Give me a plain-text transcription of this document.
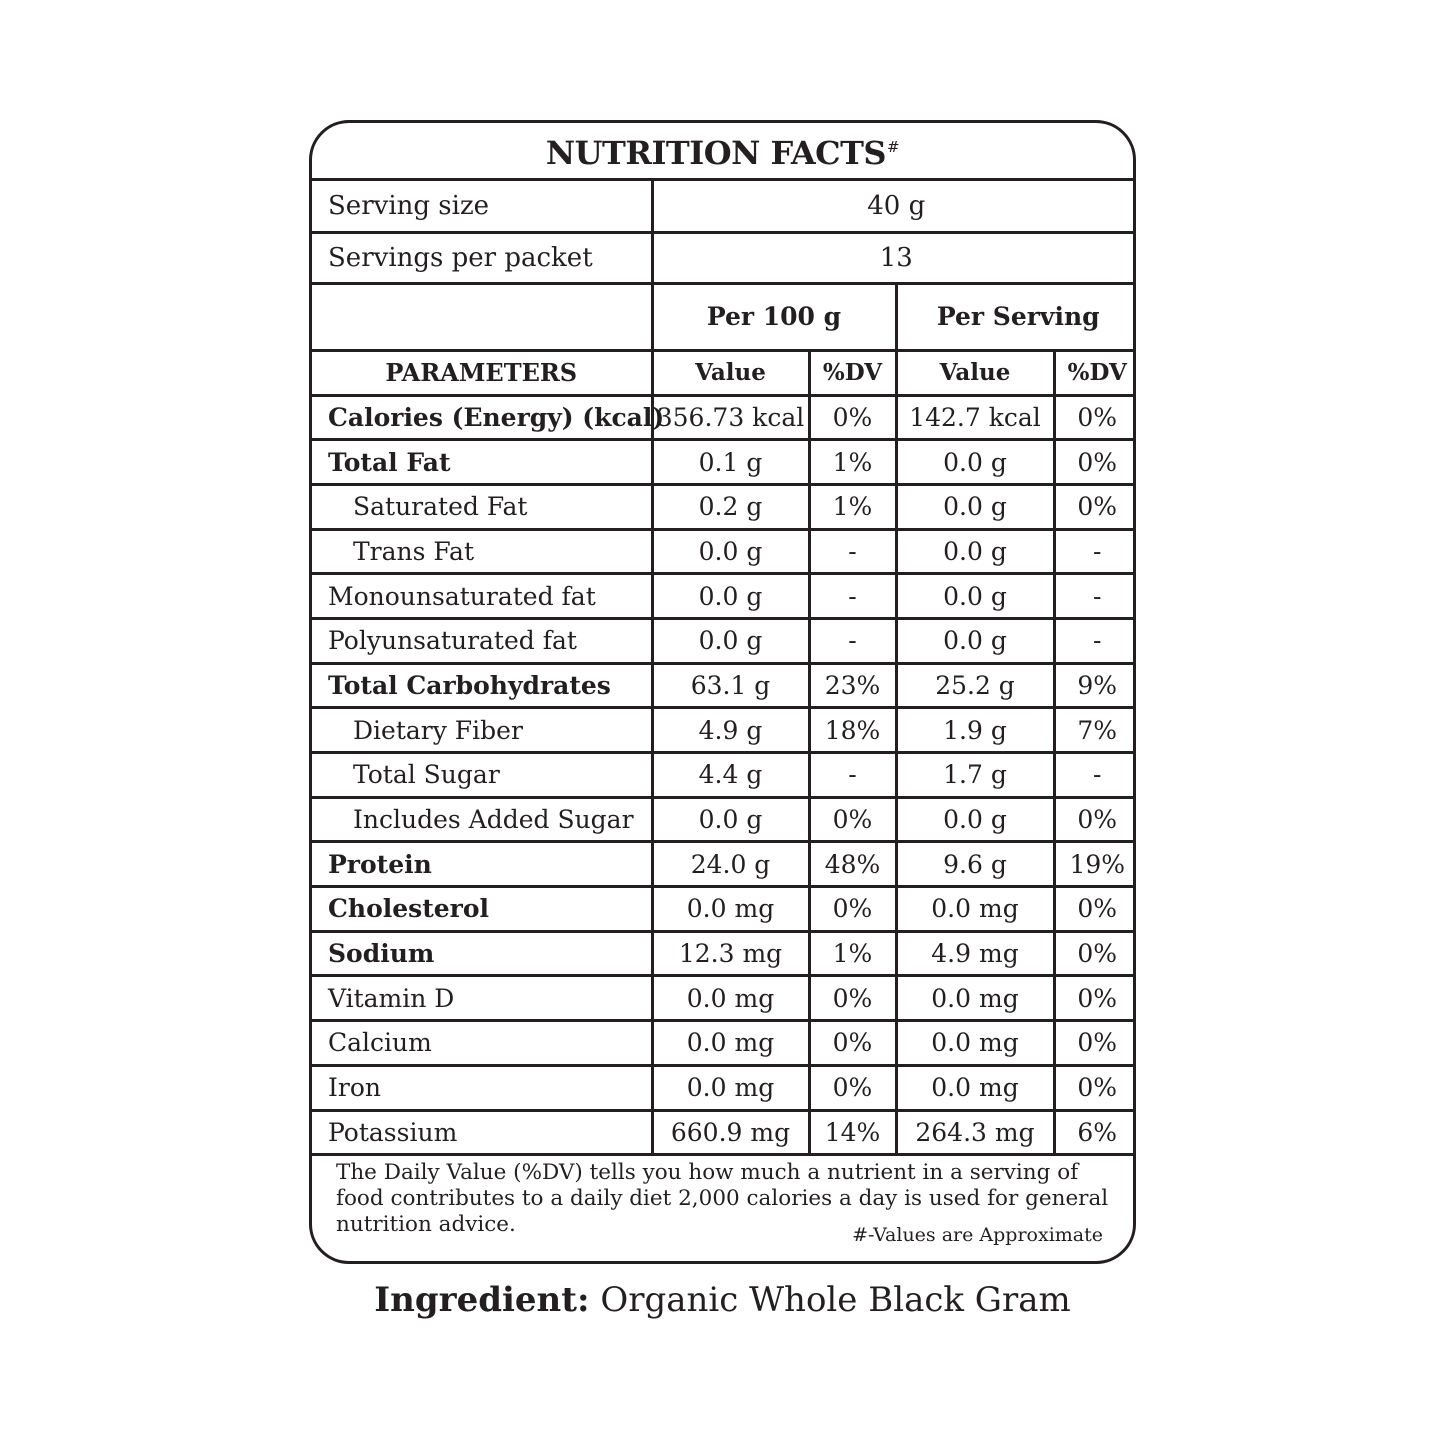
NUTRITION FACTS#
Serving size	40 g			
Servings per packet	13			
	Per 100 g		Per Serving	
PARAMETERS	Value	%DV	Value	%DV
Calories (Energy) (kcal)	356.73 kcal	0%	142.7 kcal	0%
Total Fat	0.1 g	1%	0.0 g	0%
Saturated Fat	0.2 g	1%	0.0 g	0%
Trans Fat	0.0 g	-	0.0 g	-
Monounsaturated fat	0.0 g	-	0.0 g	-
Polyunsaturated fat	0.0 g	-	0.0 g	-
Total Carbohydrates	63.1 g	23%	25.2 g	9%
Dietary Fiber	4.9 g	18%	1.9 g	7%
Total Sugar	4.4 g	-	1.7 g	-
Includes Added Sugar	0.0 g	0%	0.0 g	0%
Protein	24.0 g	48%	9.6 g	19%
Cholesterol	0.0 mg	0%	0.0 mg	0%
Sodium	12.3 mg	1%	4.9 mg	0%
Vitamin D	0.0 mg	0%	0.0 mg	0%
Calcium	0.0 mg	0%	0.0 mg	0%
Iron	0.0 mg	0%	0.0 mg	0%
Potassium	660.9 mg	14%	264.3 mg	6%
The Daily Value (%DV) tells you how much a nutrient in a serving of food contributes to a daily diet 2,000 calories a day is used for general nutrition advice.	#-Values are Approximate
Ingredient: Organic Whole Black Gram
